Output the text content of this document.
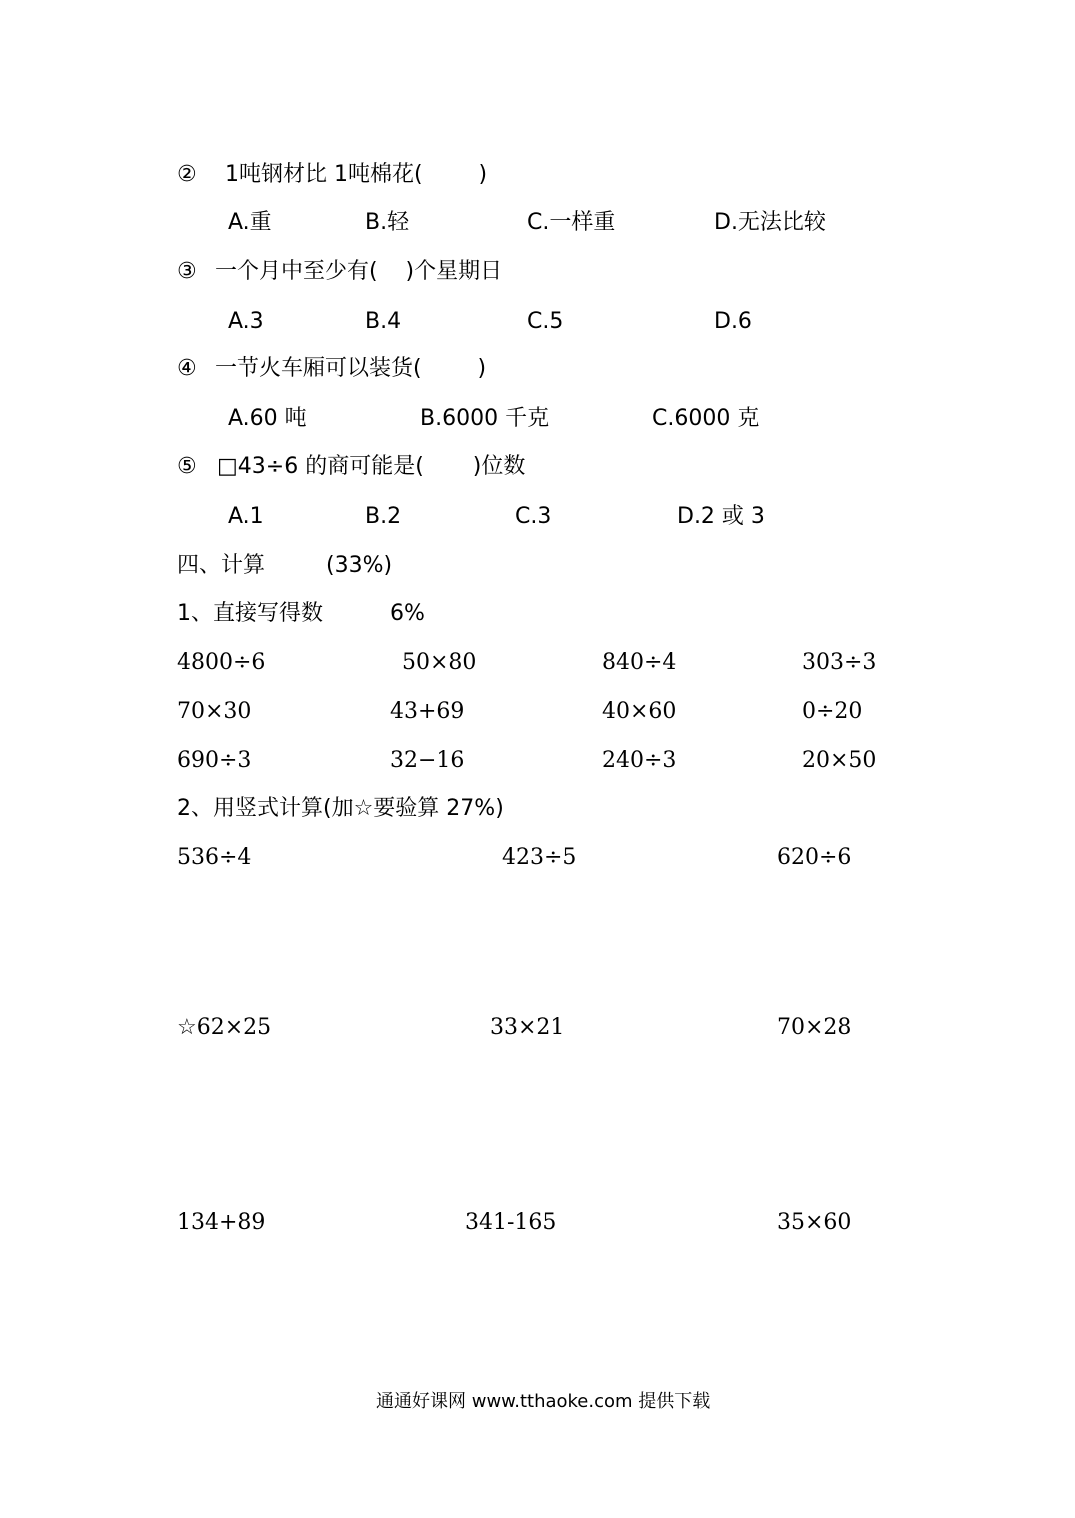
② 1吨钢材比 1吨棉花(        )
A.重	B.轻	C.一样重	D.无法比较
③ 一个月中至少有(    )个星期日
A.3	B.4	C.5	D.6
④ 一节火车厢可以装货(        )
A.60 吨	B.6000 千克	C.6000 克
⑤ □43÷6 的商可能是(       )位数
A.1	B.2	C.3	D.2 或 3
四、计算	(33%)
1、直接写得数	6%
4800÷6	50×80	840÷4	303÷3
70×30	43+69	40×60	0÷20
690÷3	32−16	240÷3	20×50
2、用竖式计算(加☆要验算 27%)
536÷4	423÷5	620÷6
☆62×25	33×21	70×28
134+89	341-165	35×60
通通好课网 www.tthaoke.com 提供下载
